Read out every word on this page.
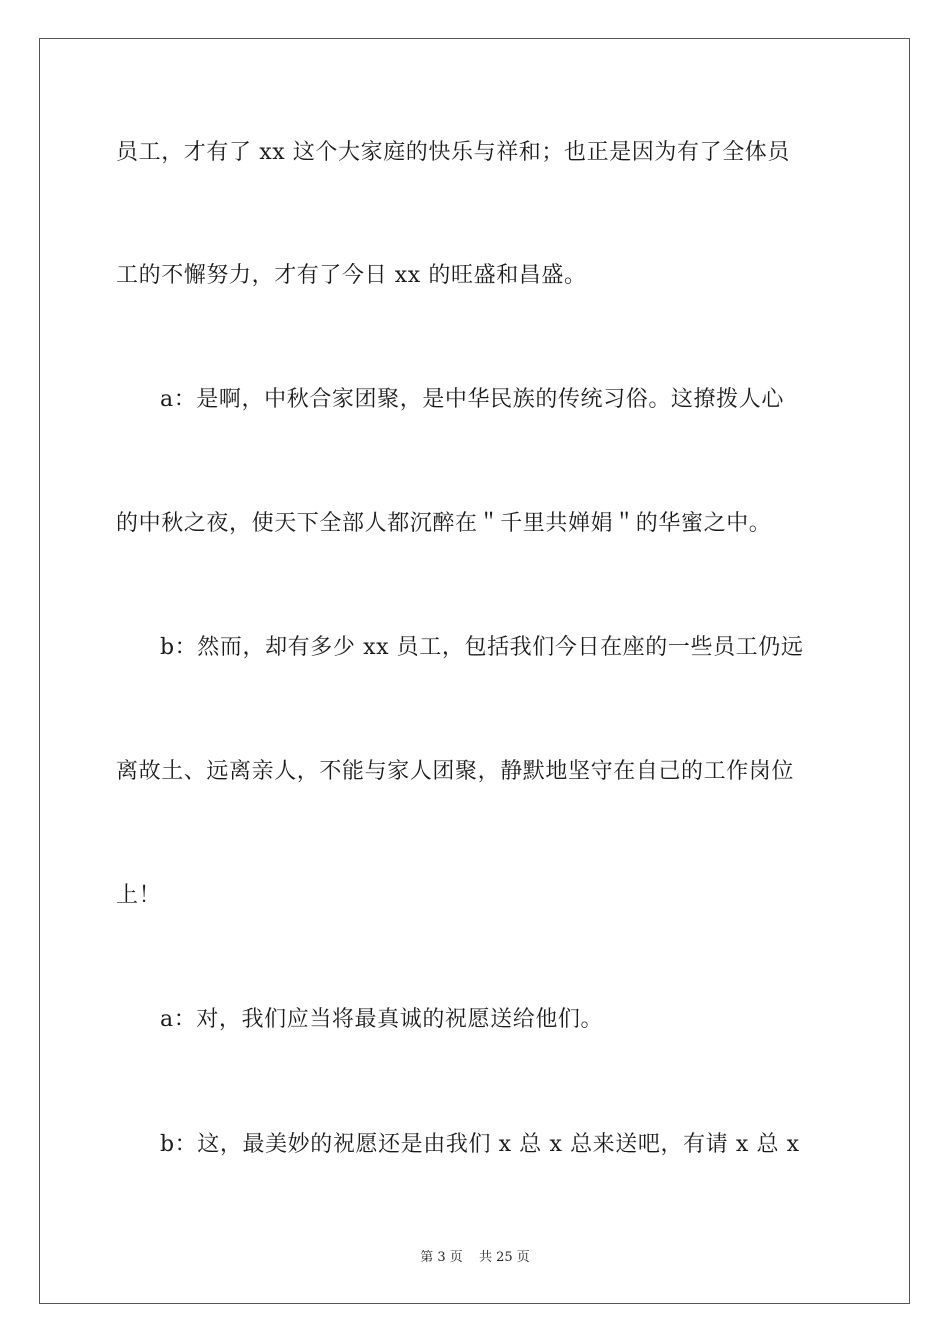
员工，才有了 xx 这个大家庭的快乐与祥和；也正是因为有了全体员
工的不懈努力，才有了今日 xx 的旺盛和昌盛。
a：是啊，中秋合家团聚，是中华民族的传统习俗。这撩拨人心
的中秋之夜，使天下全部人都沉醉在＂千里共婵娟＂的华蜜之中。
b：然而，却有多少 xx 员工，包括我们今日在座的一些员工仍远
离故土、远离亲人，不能与家人团聚，静默地坚守在自己的工作岗位
上！
a：对，我们应当将最真诚的祝愿送给他们。
b：这，最美妙的祝愿还是由我们 x 总 x 总来送吧，有请 x 总 x
第 3 页 共 25 页
